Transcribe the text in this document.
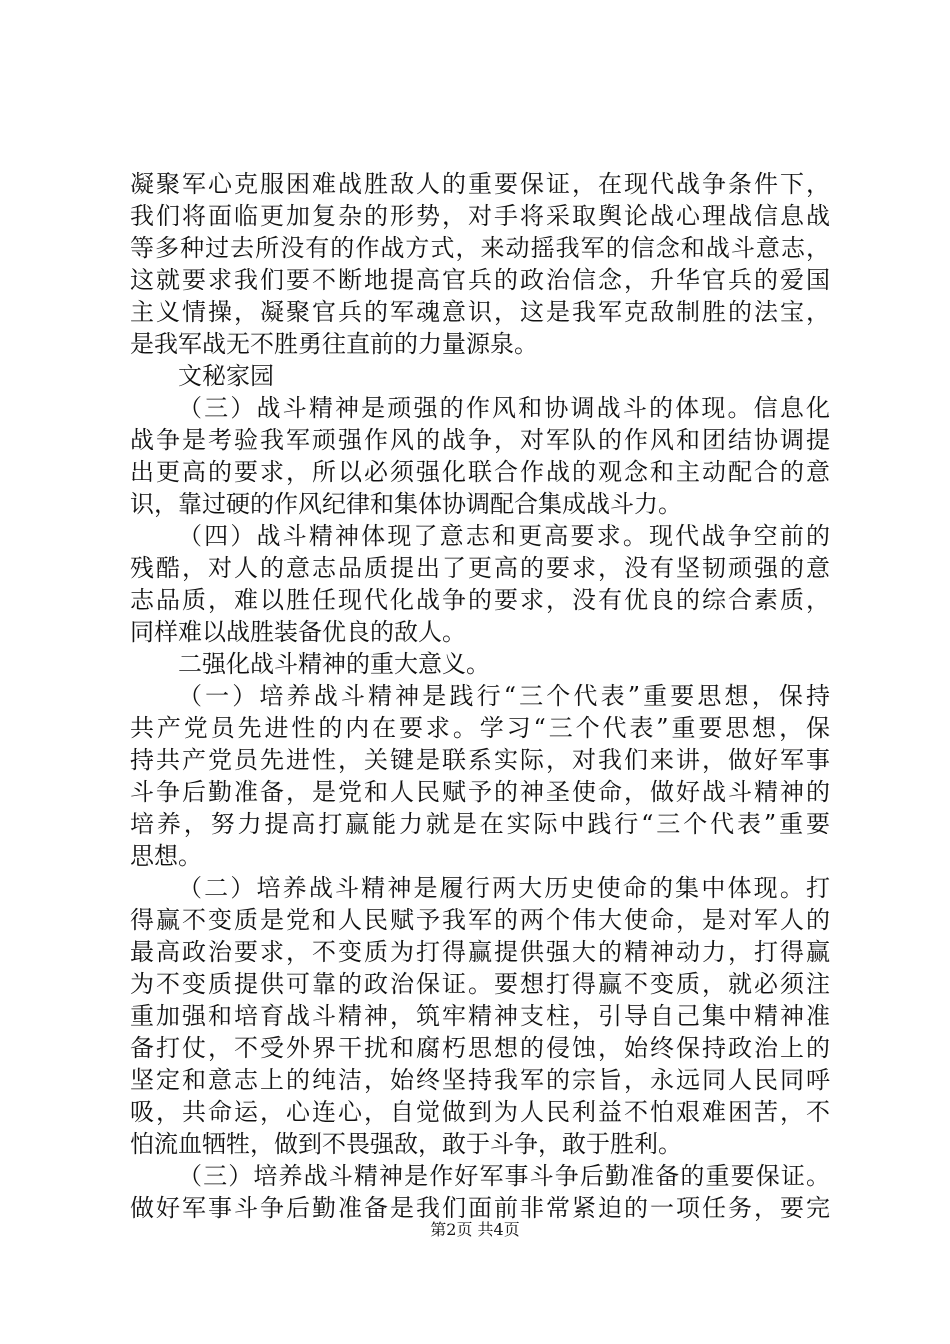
凝聚军心克服困难战胜敌人的重要保证，在现代战争条件下，
我们将面临更加复杂的形势，对手将采取舆论战心理战信息战
等多种过去所没有的作战方式，来动摇我军的信念和战斗意志，
这就要求我们要不断地提高官兵的政治信念，升华官兵的爱国
主义情操，凝聚官兵的军魂意识，这是我军克敌制胜的法宝，
是我军战无不胜勇往直前的力量源泉。
文秘家园
（三）战斗精神是顽强的作风和协调战斗的体现。信息化
战争是考验我军顽强作风的战争，对军队的作风和团结协调提
出更高的要求，所以必须强化联合作战的观念和主动配合的意
识，靠过硬的作风纪律和集体协调配合集成战斗力。
（四）战斗精神体现了意志和更高要求。现代战争空前的
残酷，对人的意志品质提出了更高的要求，没有坚韧顽强的意
志品质，难以胜任现代化战争的要求，没有优良的综合素质，
同样难以战胜装备优良的敌人。
二强化战斗精神的重大意义。
（一）培养战斗精神是践行“三个代表”重要思想，保持
共产党员先进性的内在要求。学习“三个代表”重要思想，保
持共产党员先进性，关键是联系实际，对我们来讲，做好军事
斗争后勤准备，是党和人民赋予的神圣使命，做好战斗精神的
培养，努力提高打赢能力就是在实际中践行“三个代表”重要
思想。
（二）培养战斗精神是履行两大历史使命的集中体现。打
得赢不变质是党和人民赋予我军的两个伟大使命，是对军人的
最高政治要求，不变质为打得赢提供强大的精神动力，打得赢
为不变质提供可靠的政治保证。要想打得赢不变质，就必须注
重加强和培育战斗精神，筑牢精神支柱，引导自己集中精神准
备打仗，不受外界干扰和腐朽思想的侵蚀，始终保持政治上的
坚定和意志上的纯洁，始终坚持我军的宗旨，永远同人民同呼
吸，共命运，心连心，自觉做到为人民利益不怕艰难困苦，不
怕流血牺牲，做到不畏强敌，敢于斗争，敢于胜利。
（三）培养战斗精神是作好军事斗争后勤准备的重要保证。
做好军事斗争后勤准备是我们面前非常紧迫的一项任务，要完
第2页 共4页
